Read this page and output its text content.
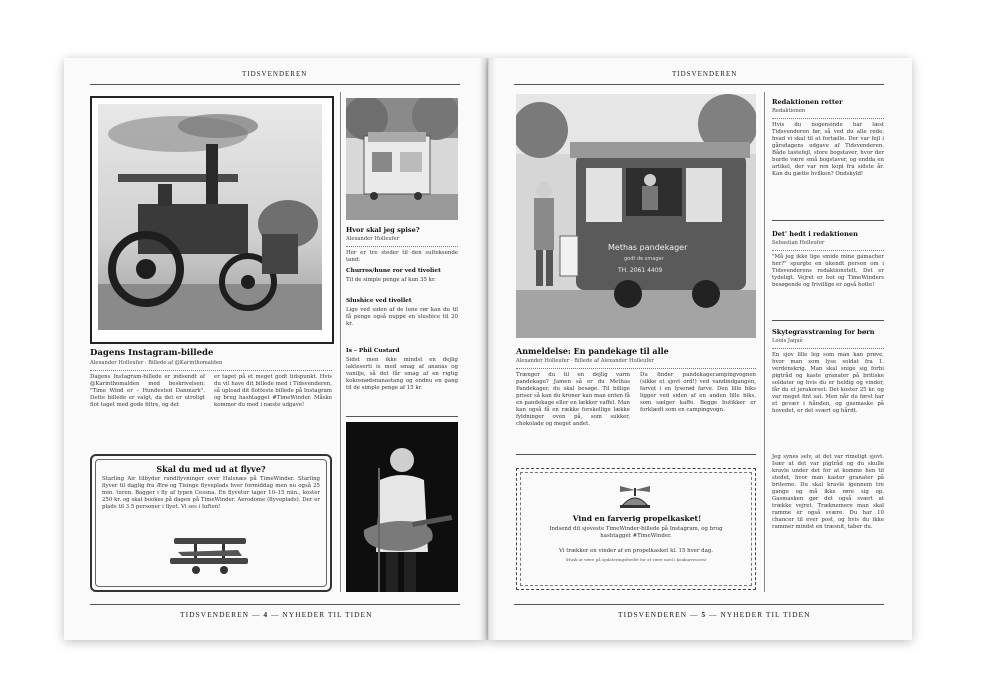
TIDSVENDEREN
Dagens Instagram-billede
Alexander Holleufer · Billede af @Karinthomalden
Dagens Instagram-billede er indsendt af @Karinthomalden med beskrivelsen: "Time Wind er – Hundested Danmark". Dette billede er valgt, da det er utroligt flot taget med gode filtre, og det
er taget på et meget godt tidspunkt. Hvis du vil have dit billede med i Tidsvenderen, så upload dit flotteste billede på Instagram og brug hashtagget #TimeWinder. Måske kommer du med i næste udgave!
Skal du med ud at flyve?
Starling Air tilbyder rundflyvninger over Halsnæs på TimeWinder. Starling flyver til daglig fra Ærø og Tisinge flyveplads hver formiddag men nu også 25 min. turen. Bagger i fly af typen Cessna. En flyvetur tager 10–15 min., koster 250 kr. og skal bookes på dagen på TimeWinder. Aerodome (flyveplads). Der er plads til 3 5 personer i flyet. Vi ses i luften!
Hvor skal jeg spise?
Alexander Holleufer
Her er tre steder til den sulteksende tand:
Churros/hune ror ved tivoliet
Til de simple penge af kun 35 kr.
Slushice ved tivollet
Lige ved siden af de lune rør kan du til få penge også nuppe en slushice til 20 kr.
Is – Phil Custard
Sidst men ikke mindst en dejlig lakteserti is med smag af ananas og vanilje, så det får smag af en rigtig kokosnødsnanastang og endnu en gang til de simple penge af 15 kr.
TIDSVENDEREN — 4 — NYHEDER TIL TIDEN
TIDSVENDEREN
Methas pandekager
godt de smager
TH. 2061 4409
Anmeldelse: En pandekage til alle
Alexander Holleufer · Billede af Alexander Holleufer
Trænger du til en dejlig varm pandekage? Jamen så er du Methas Pandekager, du skal besøge. Til billige priser så kan du kroner kan man enten få en pandekage eller en lækker vaffel. Man kan også få en række forskellige lække fyldninger oven på, som sukker, chokolade og meget andet.
Du finder pandekagecampingvognen (sikke et sjovt ord!) ved vandindgangen, farvet i en lyserød farve. Den lille biks ligger ved siden af en anden lille biks, som sælger kaffe. Begge butikker er forklædt som en campingvogn.
Vind en farverig propelkasket!
Indsend dit sjoveste TimeWinder-billede på Instagram, og brug hashtagget #TimeWinder.
Vi trækker en vinder af en propelkasket kl. 15 hver dag.
(Husk at være på opdateringsfeedet for at være med i konkurrencen)
Redaktionen retter
Redaktionen
Hvis du nogensinde har læst Tidsvenderen før, så ved du alle rede, hvad vi skal til at fortælle. Der var fejl i gårsdagens udgave af Tidsvenderen. Både tastefejl, store bogstaver, hvor der burde være små bogstaver, og endda en artikel, der var ren kopi fra sidste år. Kan du gætte hvilken? Ondskyld!
Det' hedt i redaktionen
Sebastian Holleufer
"Må jeg ikke lige smide mine gamacher her?" spurgte en ukendt person om i Tidsvenderens redaktionstelt. Det er tydeligt. Vejret er hot og TimeWinders besøgende og frivillige er også hotte!
Skytegravstræning for børn
Louis Jaquè
En sjov lille leg som man kan prøve, hvor man som lyse soldat fra 1. verdenskrig. Man skal snige sig forbi pigtråd og kaste granater på britiske soldater og hvis du er heldig og vinder, får du et jerakorset. Det koster 25 kr. og var meget fint sat. Men når du først har et gevær i hånden, og gasmaske på hovedet, er det svært og hårdt.
Jeg synes selv, at det var rimeligt sjovt. Især at det var pigtråd og du skulle kravle under det for at komme hen til stedet, hvor man kaster granater på briterne. Du skal kravle igennem tre gange og må ikke røre sig op. Gasmasken gør det også svært at trække vejret. Træknemere man skal ramme er også svære. Du har 10 chancer til ever post, og hvis du ikke rammer mindst en træsnit, taber du.
TIDSVENDEREN — 5 — NYHEDER TIL TIDEN
